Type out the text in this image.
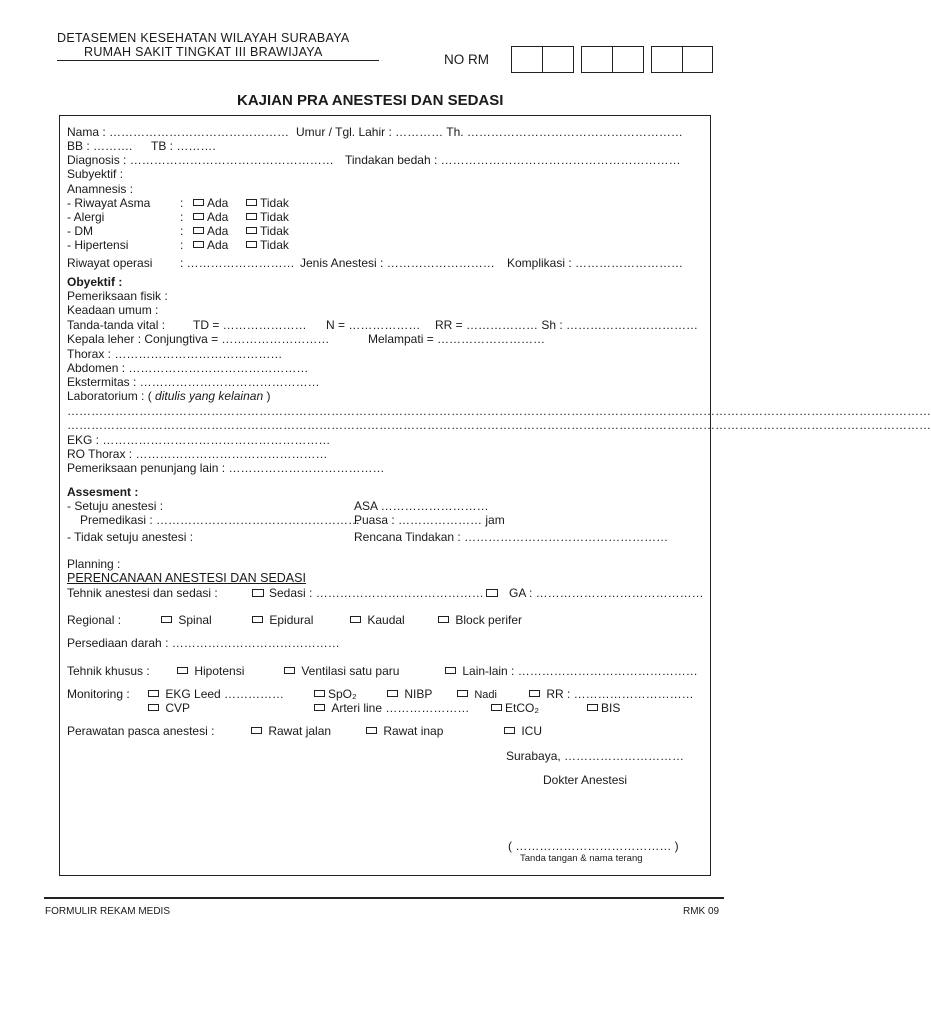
DETASEMEN KESEHATAN WILAYAH SURABAYA
RUMAH SAKIT TINGKAT III BRAWIJAYA	NO RM
KAJIAN PRA ANESTESI DAN SEDASI
Nama : ……………………………………… Umur / Tgl. Lahir : ………… Th. ………………………………………………
BB : ………. TB : ……….
Diagnosis : …………………………………………… Tindakan bedah : ……………………………………………………
Subyektif :
Anamnesis :
- Riwayat Asma :	Ada	Tidak
- Alergi	:	Ada	Tidak
- DM	:	Ada	Tidak
- Hipertensi	:	Ada	Tidak
Riwayat operasi : ……………………… Jenis Anestesi : ……………………… Komplikasi : ………………………
Obyektif :
Pemeriksaan fisik :
Keadaan umum :
Tanda-tanda vital : TD = ………………… N = ……………… RR = ……………… Sh : ……………………………
Kepala leher : Conjungtiva = ………………………	Melampati = ………………………
Thorax : ……………………………………
Abdomen : ………………………………………
Ekstermitas : ………………………………………
Laboratorium : ( ditulis yang kelainan )
………………………………………………………………………………………………………………………………………………………………………………………………
………………………………………………………………………………………………………………………………………………………………………………………………
EKG : …………………………………………………
RO Thorax : …………………………………………
Pemeriksaan penunjang lain : …………………………………
Assesment :
- Setuju anestesi :	ASA ………………………
Premedikasi : ……………………………………………
Puasa : ………………… jam
- Tidak setuju anestesi :	Rencana Tindakan : ……………………………………………
Planning :
PERENCANAAN ANESTESI DAN SEDASI
Tehnik anestesi dan sedasi :	Sedasi : …………………………………… GA : ……………………………………
Regional :	Spinal	Epidural	Kaudal	Block perifer
Persediaan darah : ……………………………………
Tehnik khusus :	Hipotensi	Ventilasi satu paru	Lain-lain : ………………………………………
Monitoring :	EKG Leed ……………	SpO₂	NIBP	Nadi	RR : …………………………
CVP	Arteri line …………………	EtCO₂	BIS
Perawatan pasca anestesi :	Rawat jalan	Rawat inap	ICU
Surabaya, …………………………
Dokter Anestesi
( ………………………………… )
Tanda tangan & nama terang
FORMULIR REKAM MEDIS	RMK 09
